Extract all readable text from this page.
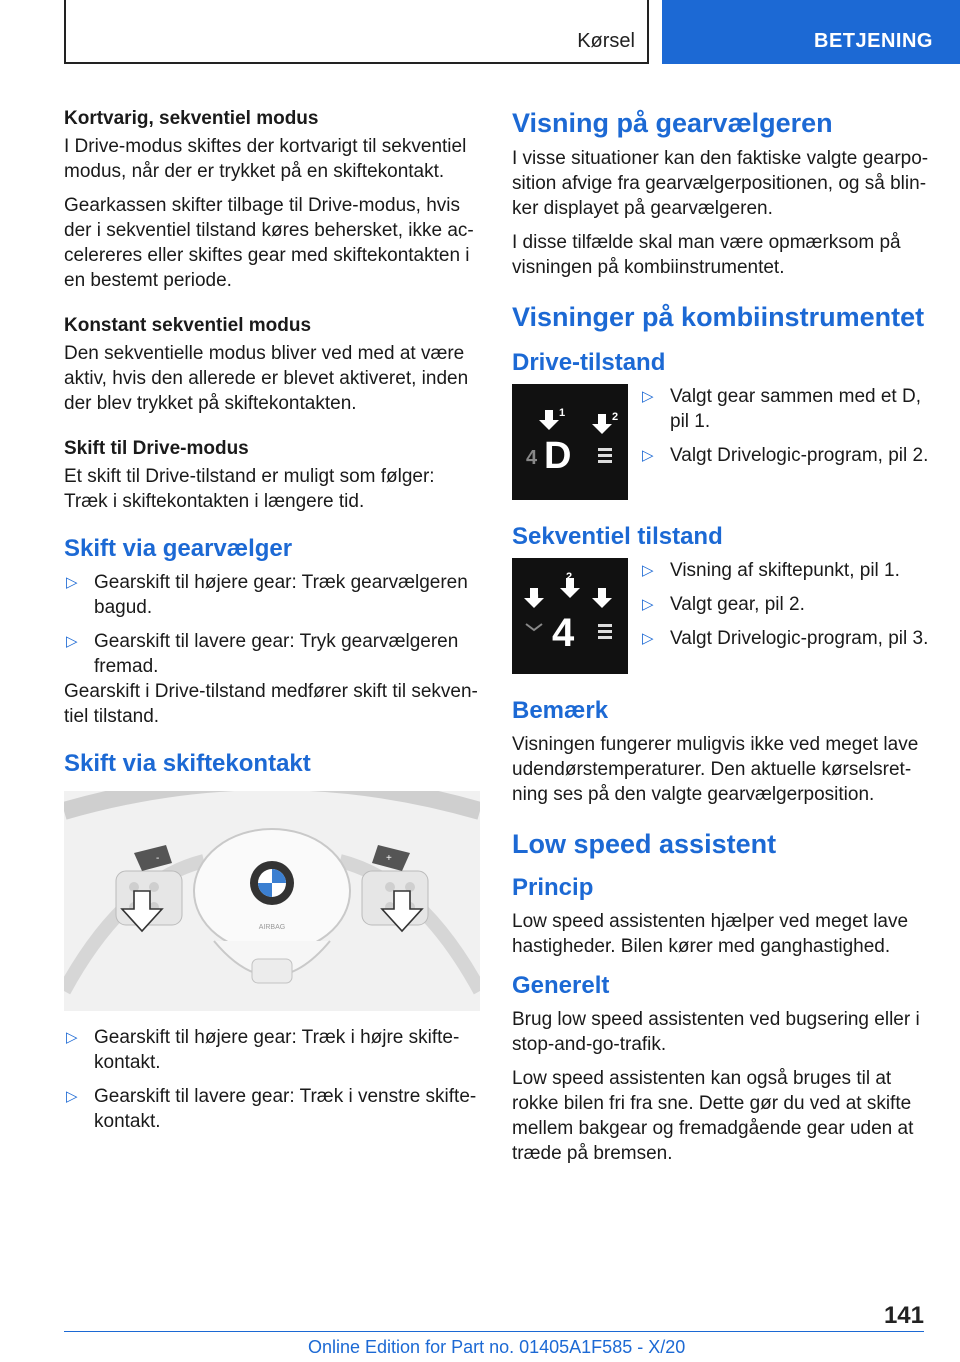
Kørsel	BETJENING
Kortvarig, sekventiel modus

I Drive-modus skiftes der kortvarigt til sekventiel modus, når der er trykket på en skiftekontakt.

Gearkassen skifter tilbage til Drive-modus, hvis der i sekventiel tilstand køres behersket, ikke accelereres eller skiftes gear med skiftekontakten i en bestemt periode.

Konstant sekventiel modus

Den sekventielle modus bliver ved med at være aktiv, hvis den allerede er blevet aktiveret, inden der blev trykket på skiftekontakten.

Skift til Drive-modus

Et skift til Drive-tilstand er muligt som følger: Træk i skiftekontakten i længere tid.

Skift via gearvælger
▷ Gearskift til højere gear: Træk gearvælgeren bagud.
▷ Gearskift til lavere gear: Tryk gearvælgeren fremad.

Gearskift i Drive-tilstand medfører skift til sekventiel tilstand.

Skift via skiftekontakt
AIRBAG
-	+
▷ Gearskift til højere gear: Træk i højre skiftekontakt.
▷ Gearskift til lavere gear: Træk i venstre skiftekontakt.
Visning på gearvælgeren

I visse situationer kan den faktiske valgte gearposition afvige fra gearvælgerpositionen, og så blinker displayet på gearvælgeren.

I disse tilfælde skal man være opmærksom på visningen på kombiinstrumentet.

Visninger på kombiinstrumentet
Drive-tilstand
1	2
4 D
▷ Valgt gear sammen med et D, pil 1.
▷ Valgt Drivelogic-program, pil 2.
Sekventiel tilstand
1
2
3
4
▷ Visning af skiftepunkt, pil 1.
▷ Valgt gear, pil 2.
▷ Valgt Drivelogic-program, pil 3.
Bemærk

Visningen fungerer muligvis ikke ved meget lave udendørstemperaturer. Den aktuelle kørselsretning ses på den valgte gearvælgerposition.

Low speed assistent
Princip

Low speed assistenten hjælper ved meget lave hastigheder. Bilen kører med ganghastighed.

Generelt

Brug low speed assistenten ved bugsering eller i stop-and-go-trafik.

Low speed assistenten kan også bruges til at rokke bilen fri fra sne. Dette gør du ved at skifte mellem bakgear og fremadgående gear uden at træde på bremsen.

141
Online Edition for Part no. 01405A1F585 - X/20
